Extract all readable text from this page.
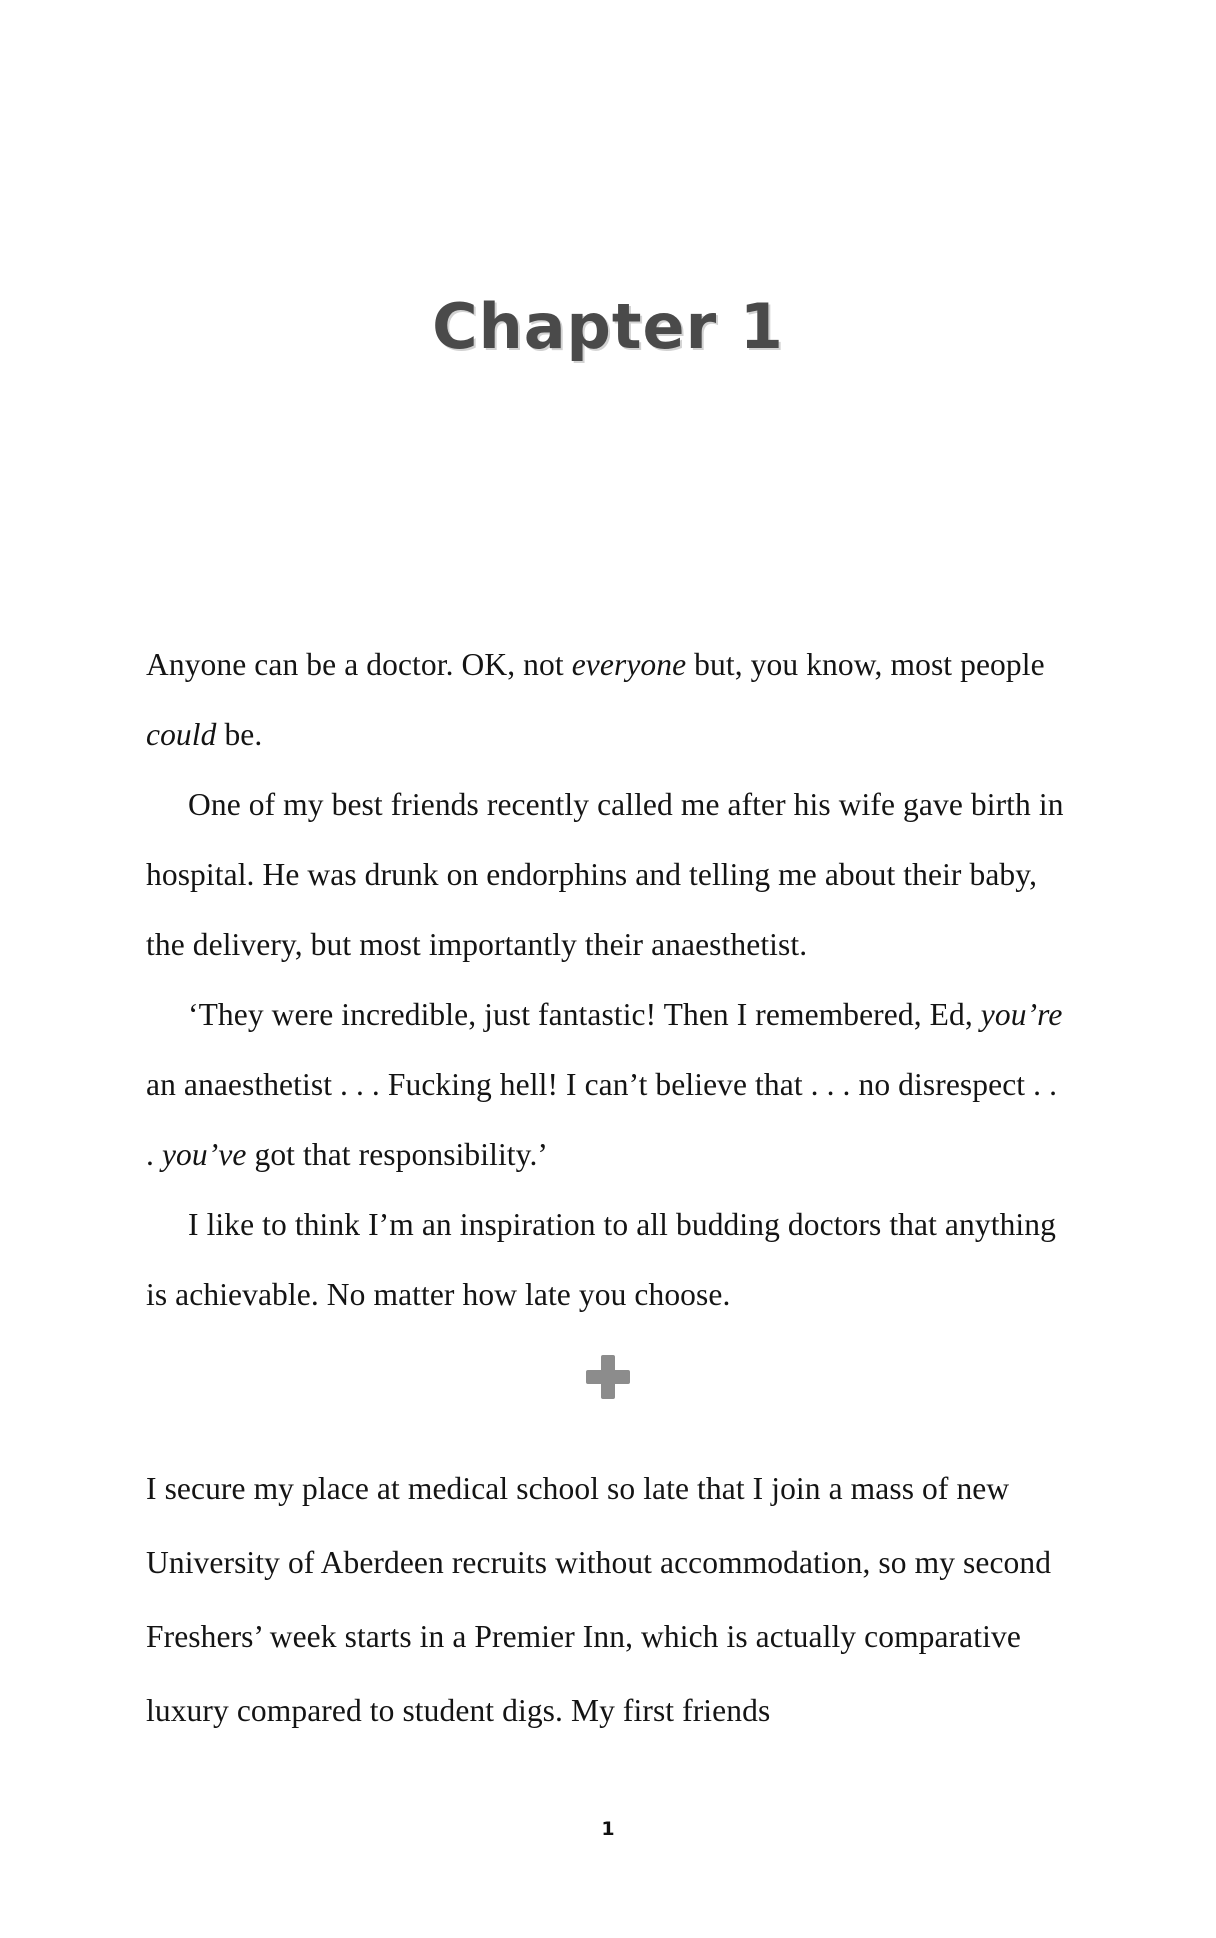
Chapter 1

Anyone can be a doctor. OK, not everyone but, you know, most people could be.

One of my best friends recently called me after his wife gave birth in hospital. He was drunk on endorphins and telling me about their baby, the delivery, but most importantly their anaesthetist.

‘They were incredible, just fantastic! Then I remembered, Ed, you’re an anaesthetist . . . Fucking hell! I can’t believe that . . . no disrespect . . . you’ve got that responsibility.’

I like to think I’m an inspiration to all budding doctors that anything is achievable. No matter how late you choose.

I secure my place at medical school so late that I join a mass of new University of Aberdeen recruits without accommodation, so my second Freshers’ week starts in a Premier Inn, which is actually comparative luxury compared to student digs. My first friends

1
